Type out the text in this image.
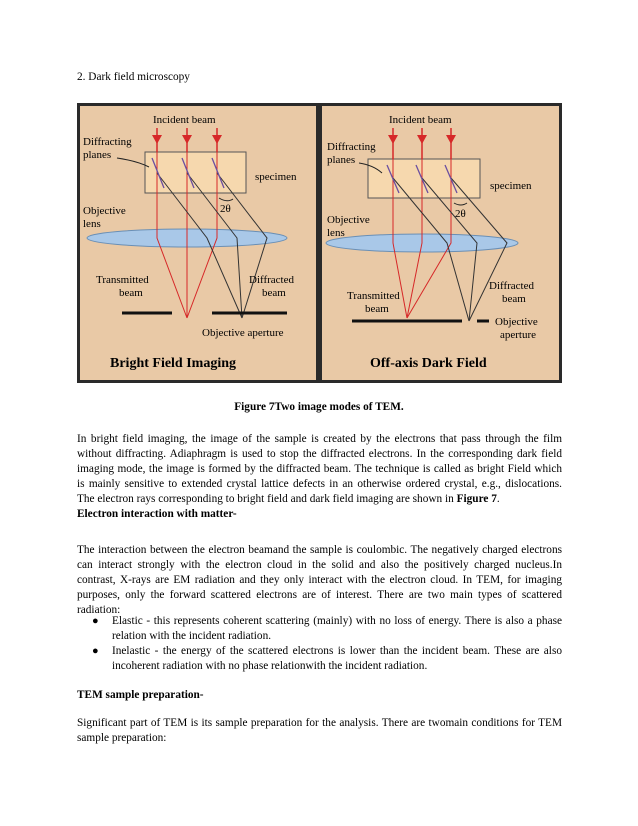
2. Dark field microscopy
Incident beam
Diffracting
planes
specimen
2θ
Objective
lens
Transmitted
beam
Diffracted
beam
Objective aperture
Bright Field Imaging
Incident beam
Diffracting
planes
specimen
2θ
Objective
lens
Transmitted
beam
Diffracted
beam
Objective
aperture
Off-axis Dark Field
Figure 7Two image modes of TEM.
In bright field imaging, the image of the sample is created by the electrons that pass through the film
without diffracting. Adiaphragm is used to stop the diffracted electrons. In the corresponding dark field
imaging mode, the image is formed by the diffracted beam. The technique is called as bright Field which
is mainly sensitive to extended crystal lattice defects in an otherwise ordered crystal, e.g., dislocations.
The electron rays corresponding to bright field and dark field imaging are shown in Figure 7.
Electron interaction with matter-
The interaction between the electron beamand the sample is coulombic. The negatively charged electrons
can interact strongly with the electron cloud in the solid and also the positively charged nucleus.In
contrast, X-rays are EM radiation and they only interact with the electron cloud. In TEM, for imaging
purposes, only the forward scattered electrons are of interest. There are two main types of scattered
radiation:
● Elastic - this represents coherent scattering (mainly) with no loss of energy. There is also a phase
relation with the incident radiation.
● Inelastic - the energy of the scattered electrons is lower than the incident beam. These are also
incoherent radiation with no phase relationwith the incident radiation.
TEM sample preparation-
Significant part of TEM is its sample preparation for the analysis. There are twomain conditions for TEM
sample preparation:
